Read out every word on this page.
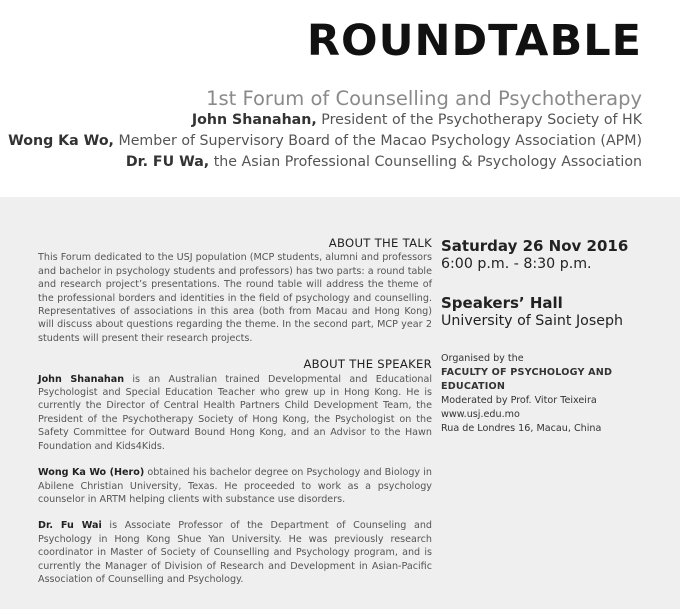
ROUNDTABLE
1st Forum of Counselling and Psychotherapy
John Shanahan, President of the Psychotherapy Society of HK
Wong Ka Wo, Member of Supervisory Board of the Macao Psychology Association (APM)
Dr. FU Wa, the Asian Professional Counselling & Psychology Association
ABOUT THE TALK

This Forum dedicated to the USJ population (MCP students, alumni and professors and bachelor in psychology students and professors) has two parts: a round table and research project’s presentations. The round table will address the theme of the professional borders and identities in the field of psychology and counselling. Representatives of associations in this area (both from Macau and Hong Kong) will discuss about questions regarding the theme. In the second part, MCP year 2 students will present their research projects.

ABOUT THE SPEAKER

John Shanahan is an Australian trained Developmental and Educational Psychologist and Special Education Teacher who grew up in Hong Kong. He is currently the Director of Central Health Partners Child Development Team, the President of the Psychotherapy Society of Hong Kong, the Psychologist on the Safety Committee for Outward Bound Hong Kong, and an Advisor to the Hawn Foundation and Kids4Kids.

Wong Ka Wo (Hero) obtained his bachelor degree on Psychology and Biology in Abilene Christian University, Texas. He proceeded to work as a psychology counselor in ARTM helping clients with substance use disorders.

Dr. Fu Wai is Associate Professor of the Department of Counseling and Psychology in Hong Kong Shue Yan University. He was previously research coordinator in Master of Society of Counselling and Psychology program, and is currently the Manager of Division of Research and Development in Asian-Pacific Association of Counselling and Psychology.

Saturday 26 Nov 2016
6:00 p.m. - 8:30 p.m.
Speakers’ Hall
University of Saint Joseph
Organised by the
FACULTY OF PSYCHOLOGY AND EDUCATION
Moderated by Prof. Vitor Teixeira
www.usj.edu.mo
Rua de Londres 16, Macau, China
